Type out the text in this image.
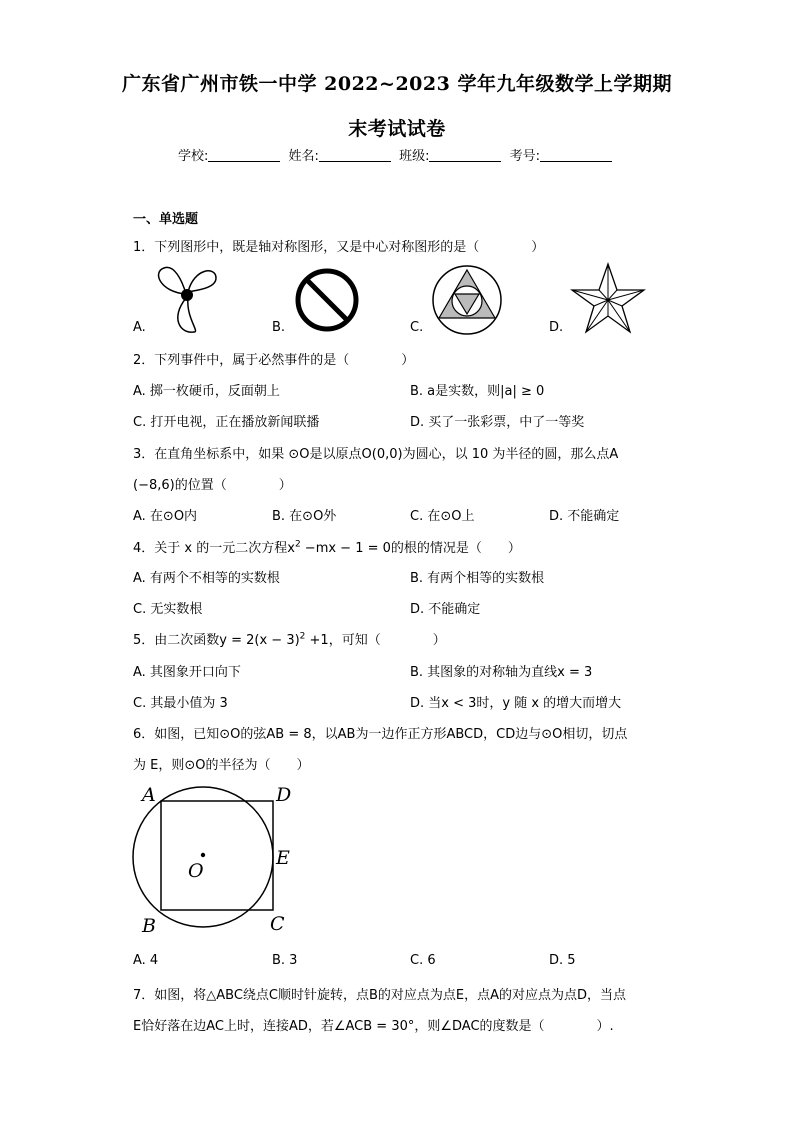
广东省广州市铁一中学 2022~2023 学年九年级数学上学期期
末考试试卷
学校:	姓名:	班级:	考号:
一、单选题
1．下列图形中，既是轴对称图形，又是中心对称图形的是（　　　　）
A.	B.	C.	D.
2．下列事件中，属于必然事件的是（　　　　）
A. 掷一枚硬币，反面朝上	B. a是实数，则|a| ≥ 0
C. 打开电视，正在播放新闻联播	D. 买了一张彩票，中了一等奖
3．在直角坐标系中，如果 ⊙O是以原点O(0,0)为圆心，以 10 为半径的圆，那么点A
(−8,6)的位置（　　　　）
A. 在⊙O内	B. 在⊙O外	C. 在⊙O上	D. 不能确定
4．关于 x 的一元二次方程$x^2 -mx - 1 = 0$的根的情况是（　　）
A. 有两个不相等的实数根	B. 有两个相等的实数根
C. 无实数根	D. 不能确定
5．由二次函数$y = 2(x - 3)^2 +1$，可知（　　　　）
A. 其图象开口向下	B. 其图象的对称轴为直线x = 3
C. 其最小值为 3	D. 当x < 3时，y 随 x 的增大而增大
6．如图，已知⊙O的弦AB = 8，以AB为一边作正方形ABCD，CD边与⊙O相切，切点
为 E，则⊙O的半径为（　　）
A	D
E
O
B	C
A. 4	B. 3	C. 6	D. 5
7．如图，将△ABC绕点C顺时针旋转，点B的对应点为点E，点A的对应点为点D，当点
E恰好落在边AC上时，连接AD，若∠ACB = 30°，则∠DAC的度数是（　　　　）.
